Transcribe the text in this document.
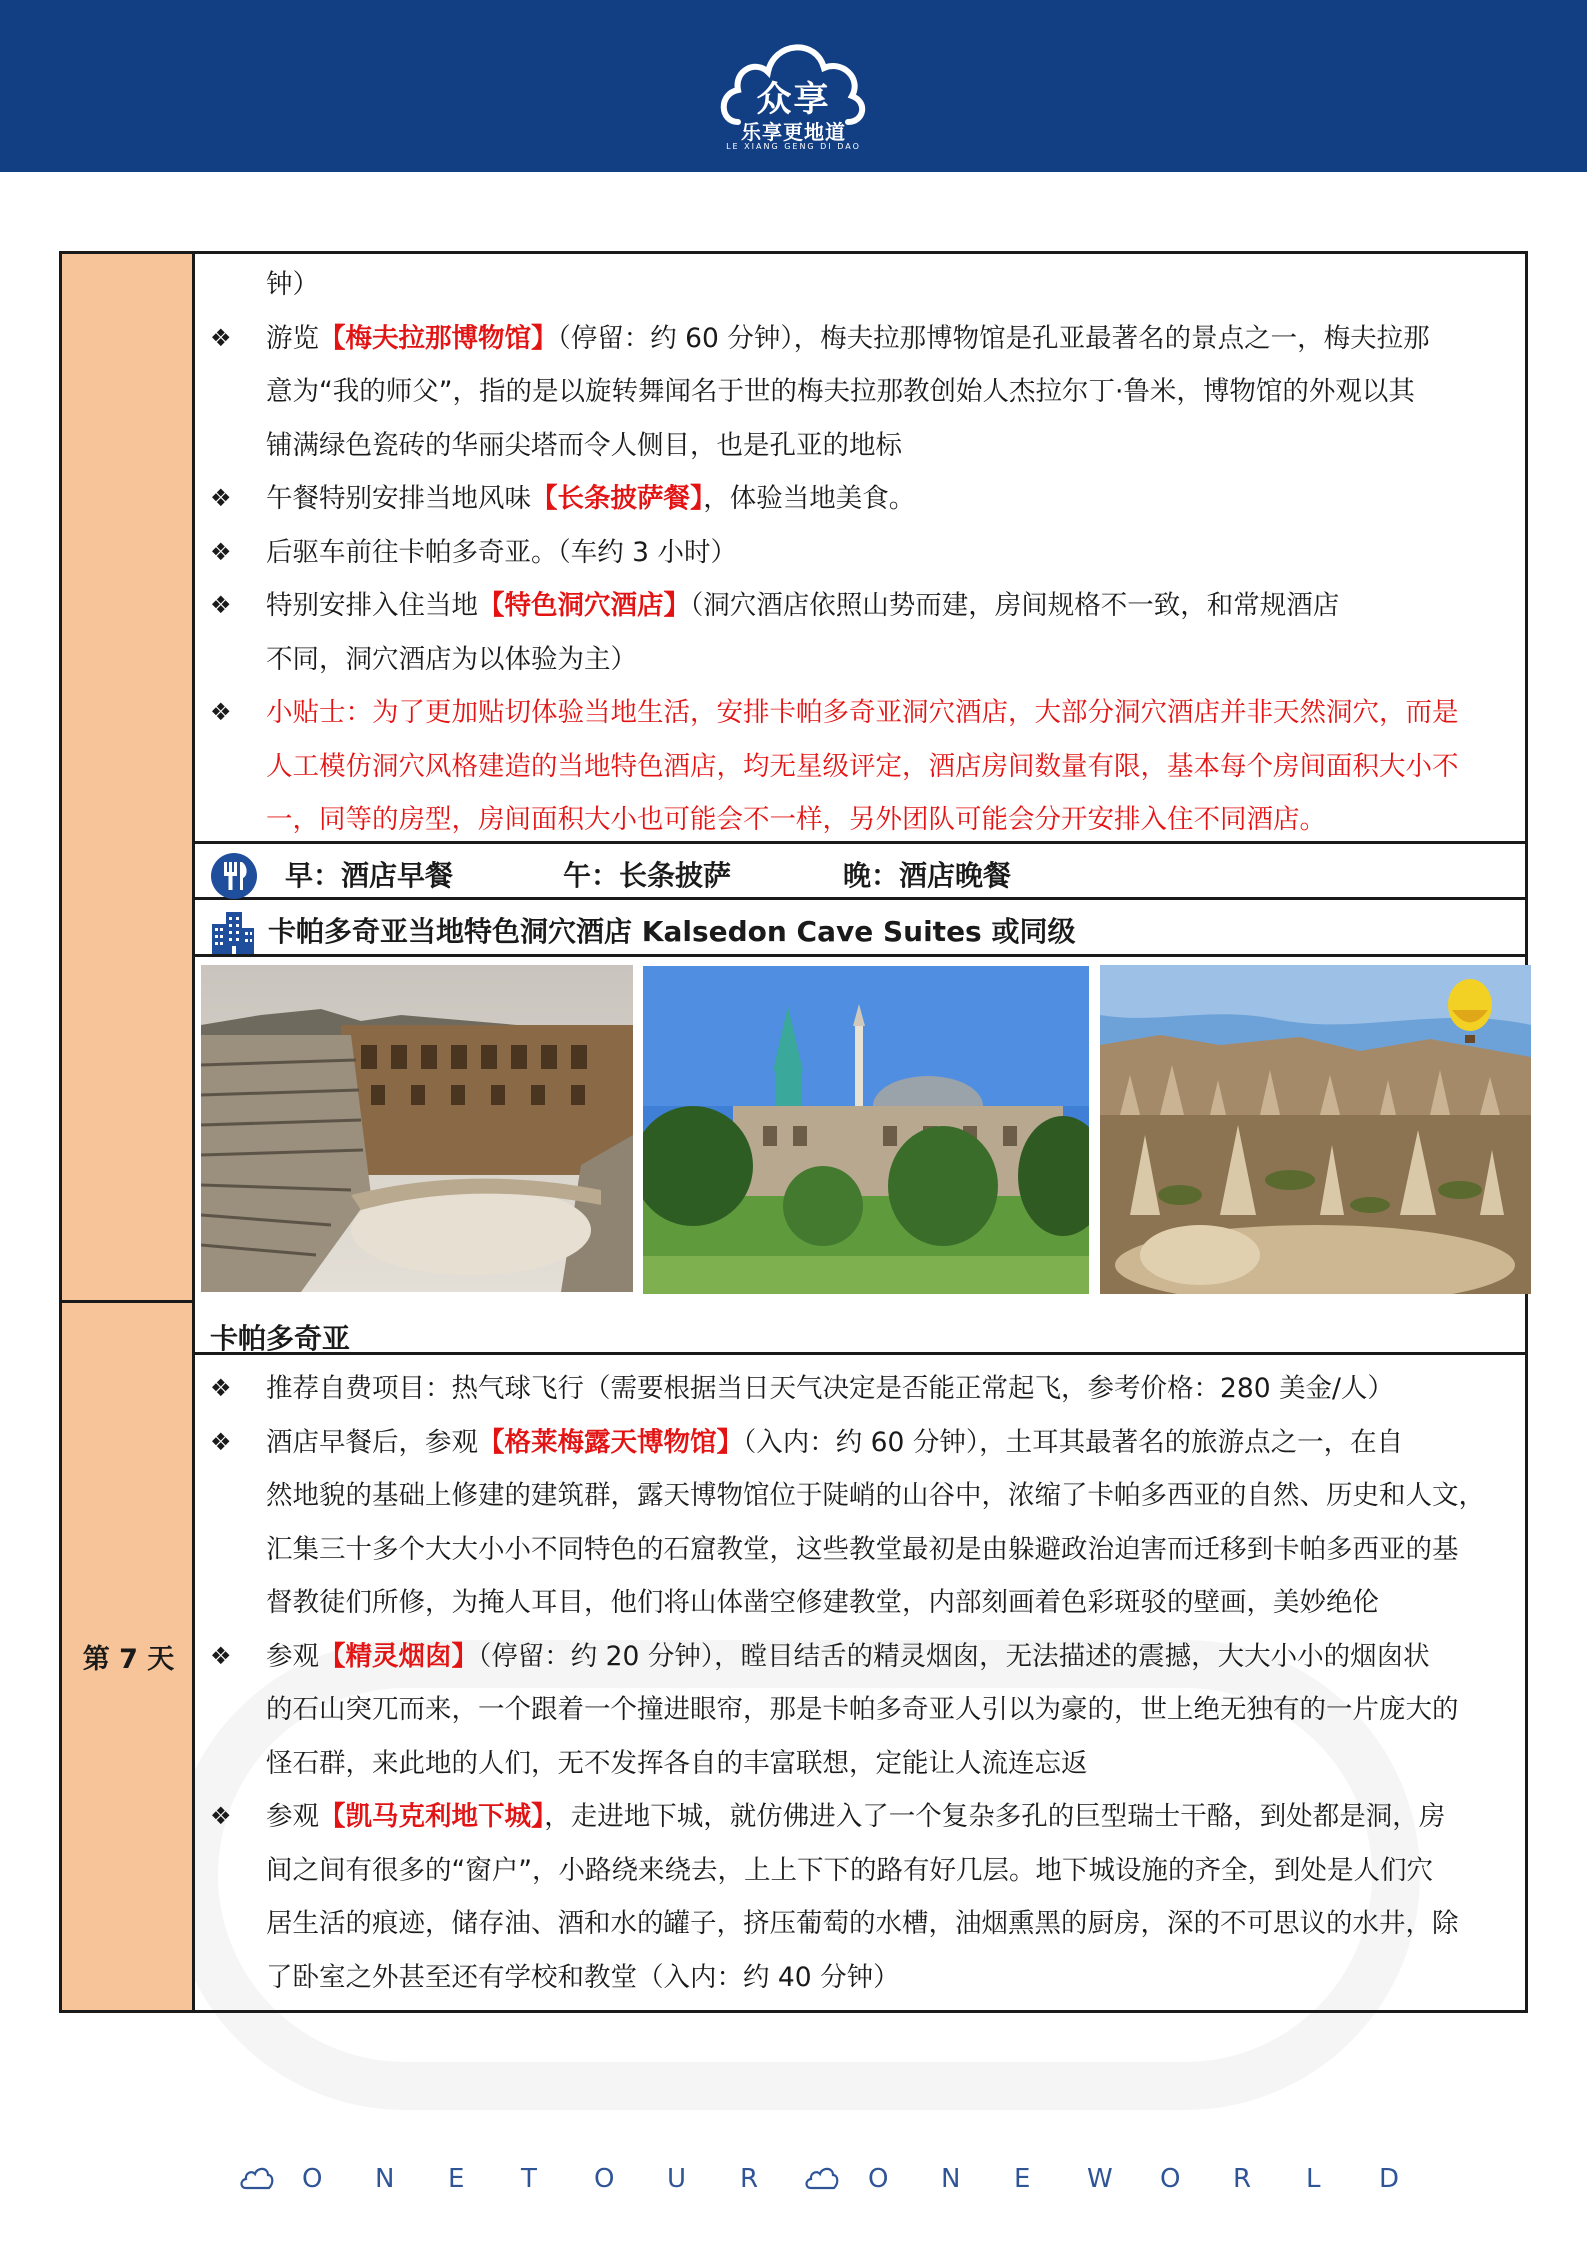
众享
乐享更地道
LE XIANG GENG DI DAO
第 7 天
钟）
❖ 游览【梅夫拉那博物馆】（停留：约 60 分钟），梅夫拉那博物馆是孔亚最著名的景点之一，梅夫拉那
意为“我的师父”，指的是以旋转舞闻名于世的梅夫拉那教创始人杰拉尔丁·鲁米，博物馆的外观以其
铺满绿色瓷砖的华丽尖塔而令人侧目，也是孔亚的地标
❖ 午餐特别安排当地风味【长条披萨餐】，体验当地美食。
❖ 后驱车前往卡帕多奇亚。（车约 3 小时）
❖ 特别安排入住当地【特色洞穴酒店】（洞穴酒店依照山势而建，房间规格不一致，和常规酒店
不同，洞穴酒店为以体验为主）
❖ 小贴士：为了更加贴切体验当地生活，安排卡帕多奇亚洞穴酒店，大部分洞穴酒店并非天然洞穴，而是
人工模仿洞穴风格建造的当地特色酒店，均无星级评定，酒店房间数量有限，基本每个房间面积大小不
一，同等的房型，房间面积大小也可能会不一样，另外团队可能会分开安排入住不同酒店。
早：酒店早餐	午：长条披萨	晚：酒店晚餐
卡帕多奇亚当地特色洞穴酒店 Kalsedon Cave Suites 或同级
卡帕多奇亚
❖ 推荐自费项目：热气球飞行（需要根据当日天气决定是否能正常起飞，参考价格：280 美金/人）
❖ 酒店早餐后，参观【格莱梅露天博物馆】（入内：约 60 分钟），土耳其最著名的旅游点之一，在自
然地貌的基础上修建的建筑群，露天博物馆位于陡峭的山谷中，浓缩了卡帕多西亚的自然、历史和人文，
汇集三十多个大大小小不同特色的石窟教堂，这些教堂最初是由躲避政治迫害而迁移到卡帕多西亚的基
督教徒们所修，为掩人耳目，他们将山体凿空修建教堂，内部刻画着色彩斑驳的壁画，美妙绝伦
❖ 参观【精灵烟囱】（停留：约 20 分钟），瞠目结舌的精灵烟囱，无法描述的震撼，大大小小的烟囱状
的石山突兀而来，一个跟着一个撞进眼帘，那是卡帕多奇亚人引以为豪的，世上绝无独有的一片庞大的
怪石群，来此地的人们，无不发挥各自的丰富联想，定能让人流连忘返
❖ 参观【凯马克利地下城】，走进地下城，就仿佛进入了一个复杂多孔的巨型瑞士干酪，到处都是洞，房
间之间有很多的“窗户”，小路绕来绕去，上上下下的路有好几层。地下城设施的齐全，到处是人们穴
居生活的痕迹，储存油、酒和水的罐子，挤压葡萄的水槽，油烟熏黑的厨房，深的不可思议的水井，除
了卧室之外甚至还有学校和教堂（入内：约 40 分钟）
O N E T O U R	O N E W O R L D
